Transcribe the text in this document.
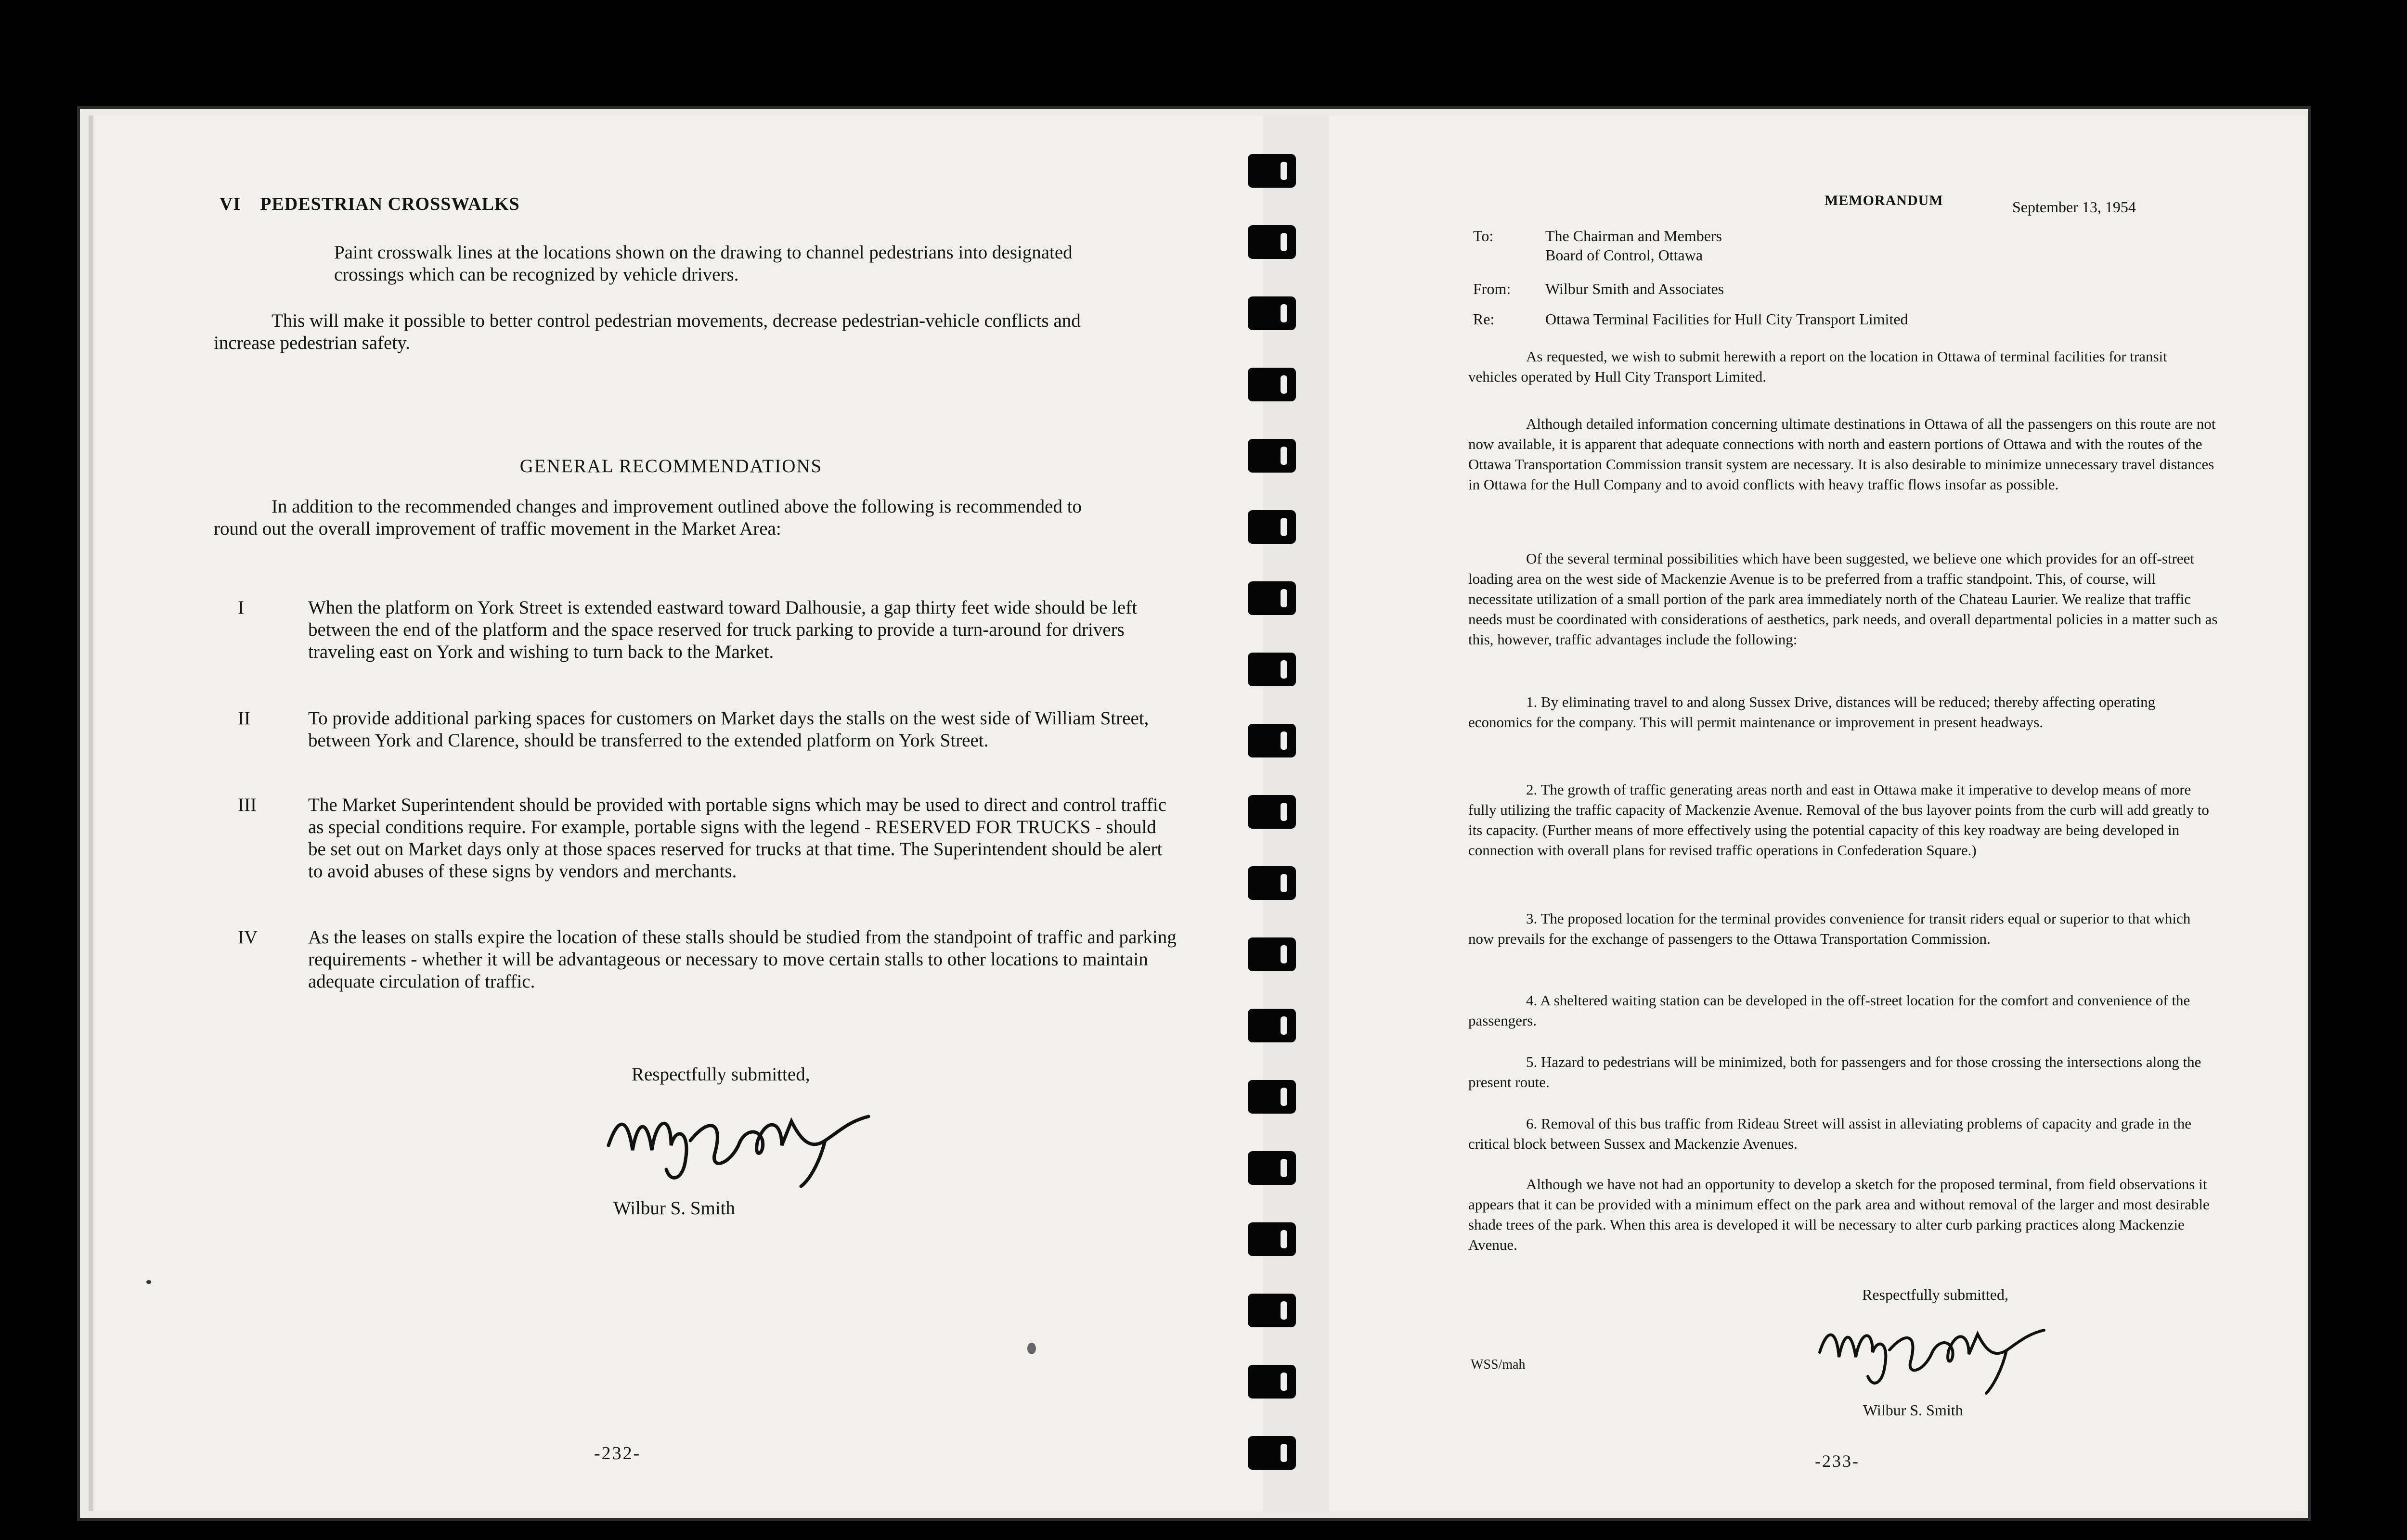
VI PEDESTRIAN CROSSWALKS
Paint crosswalk lines at the locations shown on the drawing to channel pedestrians into designated crossings which can be recognized by vehicle drivers.
This will make it possible to better control pedestrian movements, decrease pedestrian-vehicle conflicts and increase pedestrian safety.
GENERAL RECOMMENDATIONS
In addition to the recommended changes and improvement outlined above the following is recommended to round out the overall improvement of traffic movement in the Market Area:
I	When the platform on York Street is extended eastward toward Dalhousie, a gap thirty feet wide should be left between the end of the platform and the space reserved for truck parking to provide a turn-around for drivers traveling east on York and wishing to turn back to the Market.
II	To provide additional parking spaces for customers on Market days the stalls on the west side of William Street, between York and Clarence, should be transferred to the extended platform on York Street.
III	The Market Superintendent should be provided with portable signs which may be used to direct and control traffic as special conditions require. For example, portable signs with the legend - RESERVED FOR TRUCKS - should be set out on Market days only at those spaces reserved for trucks at that time. The Superintendent should be alert to avoid abuses of these signs by vendors and merchants.
IV	As the leases on stalls expire the location of these stalls should be studied from the standpoint of traffic and parking requirements - whether it will be advantageous or necessary to move certain stalls to other locations to maintain adequate circulation of traffic.
Respectfully submitted,
Wilbur S. Smith
-232-
MEMORANDUM	September 13, 1954
To:	The Chairman and Members
Board of Control, Ottawa
From:	Wilbur Smith and Associates
Re:	Ottawa Terminal Facilities for Hull City Transport Limited
As requested, we wish to submit herewith a report on the location in Ottawa of terminal facilities for transit vehicles operated by Hull City Transport Limited.
Although detailed information concerning ultimate destinations in Ottawa of all the passengers on this route are not now available, it is apparent that adequate connections with north and eastern portions of Ottawa and with the routes of the Ottawa Transportation Commission transit system are necessary. It is also desirable to minimize unnecessary travel distances in Ottawa for the Hull Company and to avoid conflicts with heavy traffic flows insofar as possible.
Of the several terminal possibilities which have been suggested, we believe one which provides for an off-street loading area on the west side of Mackenzie Avenue is to be preferred from a traffic standpoint. This, of course, will necessitate utilization of a small portion of the park area immediately north of the Chateau Laurier. We realize that traffic needs must be coordinated with considerations of aesthetics, park needs, and overall departmental policies in a matter such as this, however, traffic advantages include the following:
1. By eliminating travel to and along Sussex Drive, distances will be reduced; thereby affecting operating economics for the company. This will permit maintenance or improvement in present headways.
2. The growth of traffic generating areas north and east in Ottawa make it imperative to develop means of more fully utilizing the traffic capacity of Mackenzie Avenue. Removal of the bus layover points from the curb will add greatly to its capacity. (Further means of more effectively using the potential capacity of this key roadway are being developed in connection with overall plans for revised traffic operations in Confederation Square.)
3. The proposed location for the terminal provides convenience for transit riders equal or superior to that which now prevails for the exchange of passengers to the Ottawa Transportation Commission.
4. A sheltered waiting station can be developed in the off-street location for the comfort and convenience of the passengers.
5. Hazard to pedestrians will be minimized, both for passengers and for those crossing the intersections along the present route.
6. Removal of this bus traffic from Rideau Street will assist in alleviating problems of capacity and grade in the critical block between Sussex and Mackenzie Avenues.
Although we have not had an opportunity to develop a sketch for the proposed terminal, from field observations it appears that it can be provided with a minimum effect on the park area and without removal of the larger and most desirable shade trees of the park. When this area is developed it will be necessary to alter curb parking practices along Mackenzie Avenue.
Respectfully submitted,
WSS/mah
Wilbur S. Smith
-233-
